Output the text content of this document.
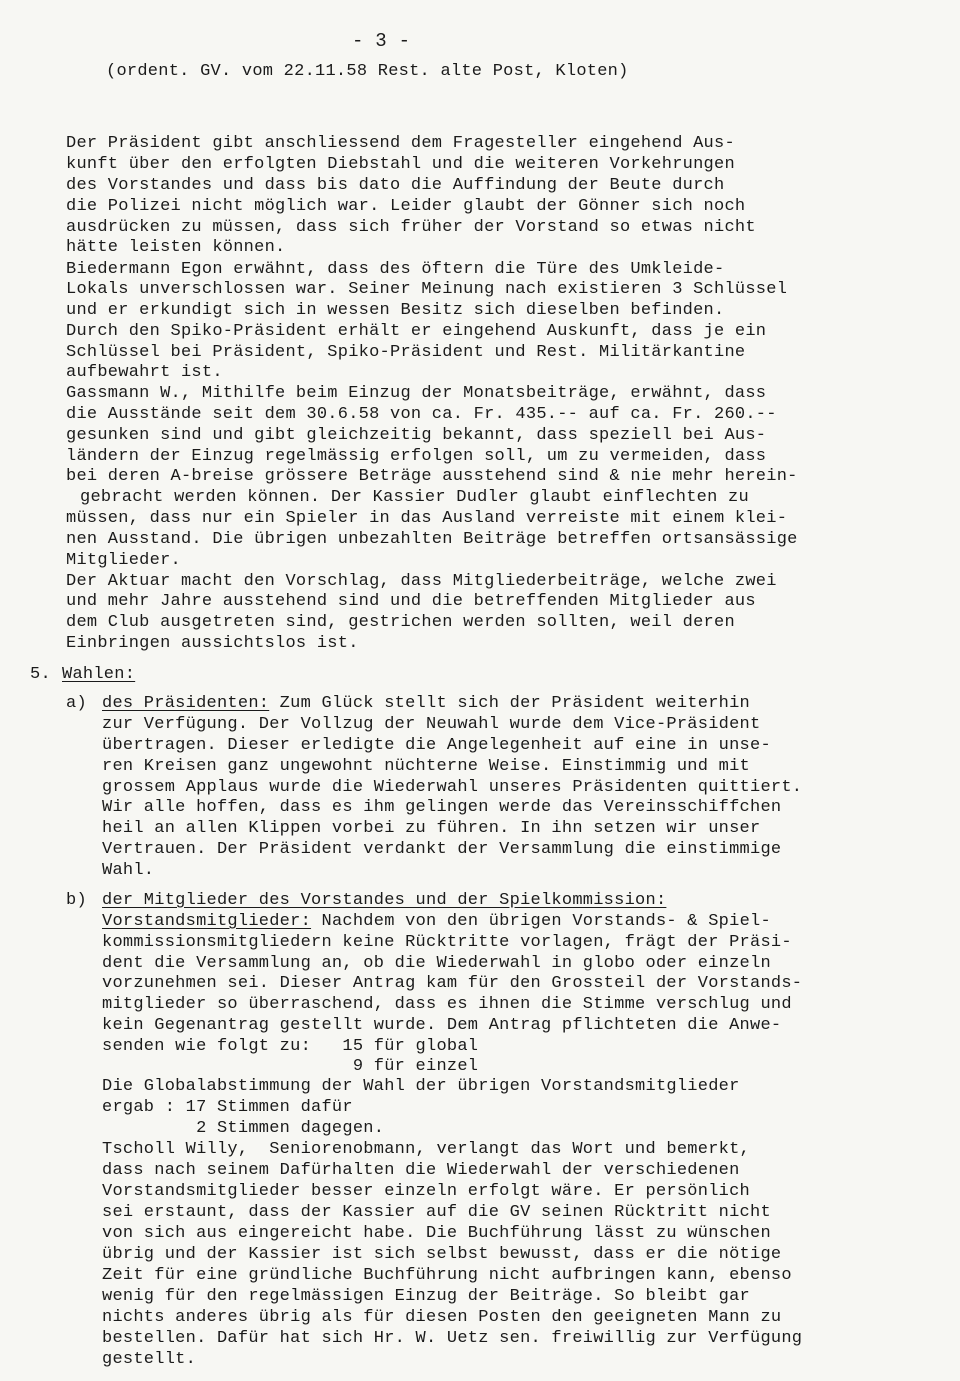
- 3 -
(ordent. GV. vom 22.11.58 Rest. alte Post, Kloten)
Der Präsident gibt anschliessend dem Fragesteller eingehend Aus-
kunft über den erfolgten Diebstahl und die weiteren Vorkehrungen
des Vorstandes und dass bis dato die Auffindung der Beute durch
die Polizei nicht möglich war. Leider glaubt der Gönner sich noch
ausdrücken zu müssen, dass sich früher der Vorstand so etwas nicht
hätte leisten können.
Biedermann Egon erwähnt, dass des öftern die Türe des Umkleide-
Lokals unverschlossen war. Seiner Meinung nach existieren 3 Schlüssel
und er erkundigt sich in wessen Besitz sich dieselben befinden.
Durch den Spiko-Präsident erhält er eingehend Auskunft, dass je ein
Schlüssel bei Präsident, Spiko-Präsident und Rest. Militärkantine
aufbewahrt ist.
Gassmann W., Mithilfe beim Einzug der Monatsbeiträge, erwähnt, dass
die Ausstände seit dem 30.6.58 von ca. Fr. 435.-- auf ca. Fr. 260.--
gesunken sind und gibt gleichzeitig bekannt, dass speziell bei Aus-
ländern der Einzug regelmässig erfolgen soll, um zu vermeiden, dass
bei deren A-breise grössere Beträge ausstehend sind & nie mehr herein-
gebracht werden können. Der Kassier Dudler glaubt einflechten zu
müssen, dass nur ein Spieler in das Ausland verreiste mit einem klei-
nen Ausstand. Die übrigen unbezahlten Beiträge betreffen ortsansässige
Mitglieder.
Der Aktuar macht den Vorschlag, dass Mitgliederbeiträge, welche zwei
und mehr Jahre ausstehend sind und die betreffenden Mitglieder aus
dem Club ausgetreten sind, gestrichen werden sollten, weil deren
Einbringen aussichtslos ist.
5. Wahlen:
a) des Präsidenten: Zum Glück stellt sich der Präsident weiterhin
zur Verfügung. Der Vollzug der Neuwahl wurde dem Vice-Präsident
übertragen. Dieser erledigte die Angelegenheit auf eine in unse-
ren Kreisen ganz ungewohnt nüchterne Weise. Einstimmig und mit
grossem Applaus wurde die Wiederwahl unseres Präsidenten quittiert.
Wir alle hoffen, dass es ihm gelingen werde das Vereinsschiffchen
heil an allen Klippen vorbei zu führen. In ihn setzen wir unser
Vertrauen. Der Präsident verdankt der Versammlung die einstimmige
Wahl.
b) der Mitglieder des Vorstandes und der Spielkommission:
Vorstandsmitglieder: Nachdem von den übrigen Vorstands- & Spiel-
kommissionsmitgliedern keine Rücktritte vorlagen, frägt der Präsi-
dent die Versammlung an, ob die Wiederwahl in globo oder einzeln
vorzunehmen sei. Dieser Antrag kam für den Grossteil der Vorstands-
mitglieder so überraschend, dass es ihnen die Stimme verschlug und
kein Gegenantrag gestellt wurde. Dem Antrag pflichteten die Anwe-
senden wie folgt zu:   15 für global
9 für einzel
Die Globalabstimmung der Wahl der übrigen Vorstandsmitglieder
ergab : 17 Stimmen dafür
2 Stimmen dagegen.
Tscholl Willy,  Seniorenobmann, verlangt das Wort und bemerkt,
dass nach seinem Dafürhalten die Wiederwahl der verschiedenen
Vorstandsmitglieder besser einzeln erfolgt wäre. Er persönlich
sei erstaunt, dass der Kassier auf die GV seinen Rücktritt nicht
von sich aus eingereicht habe. Die Buchführung lässt zu wünschen
übrig und der Kassier ist sich selbst bewusst, dass er die nötige
Zeit für eine gründliche Buchführung nicht aufbringen kann, ebenso
wenig für den regelmässigen Einzug der Beiträge. So bleibt gar
nichts anderes übrig als für diesen Posten den geeigneten Mann zu
bestellen. Dafür hat sich Hr. W. Uetz sen. freiwillig zur Verfügung
gestellt.
